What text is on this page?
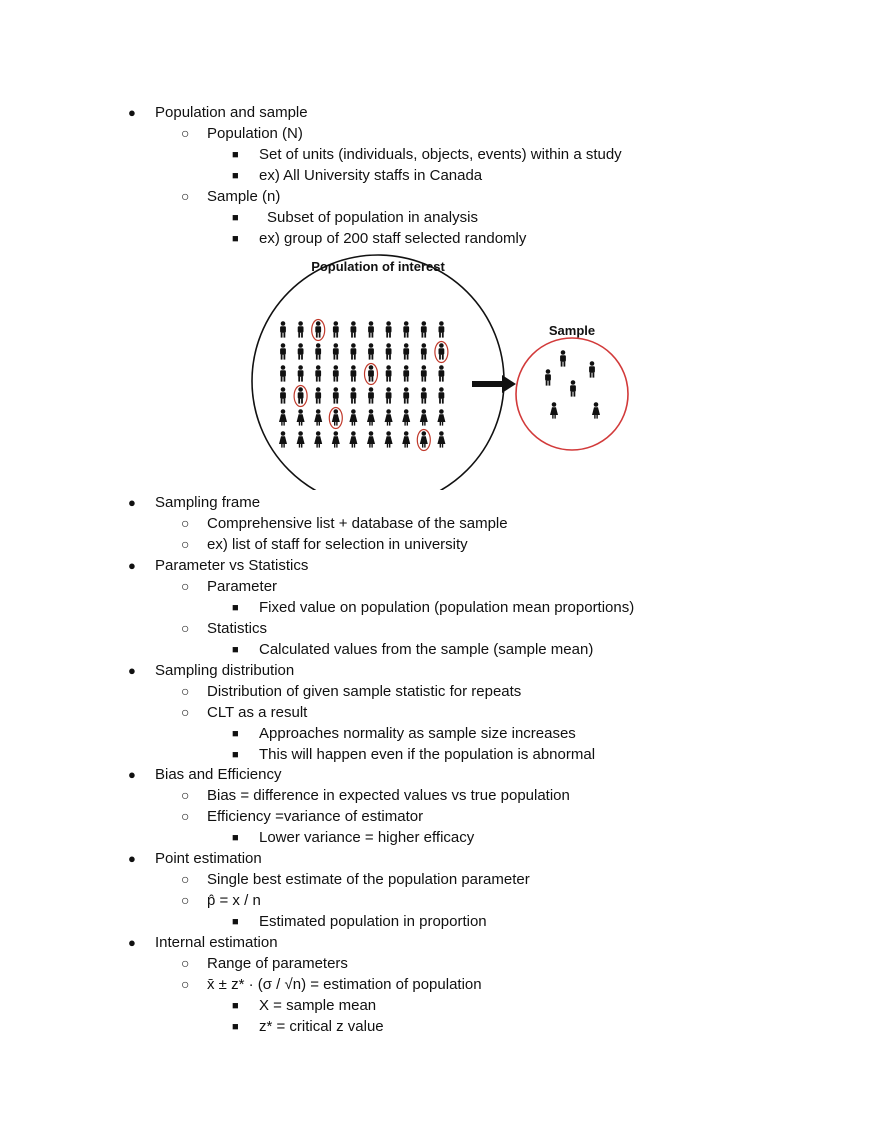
● Population and sample
○ Population (N)
■ Set of units (individuals, objects, events) within a study
■ ex) All University staffs in Canada
○ Sample (n)
■ Subset of population in analysis
■ ex) group of 200 staff selected randomly
Population of interest
Sample
● Sampling frame
○ Comprehensive list + database of the sample
○ ex) list of staff for selection in university
● Parameter vs Statistics
○ Parameter
■ Fixed value on population (population mean proportions)
○ Statistics
■ Calculated values from the sample (sample mean)
● Sampling distribution
○ Distribution of given sample statistic for repeats
○ CLT as a result
■ Approaches normality as sample size increases
■ This will happen even if the population is abnormal
● Bias and Efficiency
○ Bias = difference in expected values vs true population
○ Efficiency =variance of estimator
■ Lower variance = higher efficacy
● Point estimation
○ Single best estimate of the population parameter
○ p̂ = x / n
■ Estimated population in proportion
● Internal estimation
○ Range of parameters
○ x̄ ± z* · (σ / √n) = estimation of population
■ X = sample mean
■ z* = critical z value
